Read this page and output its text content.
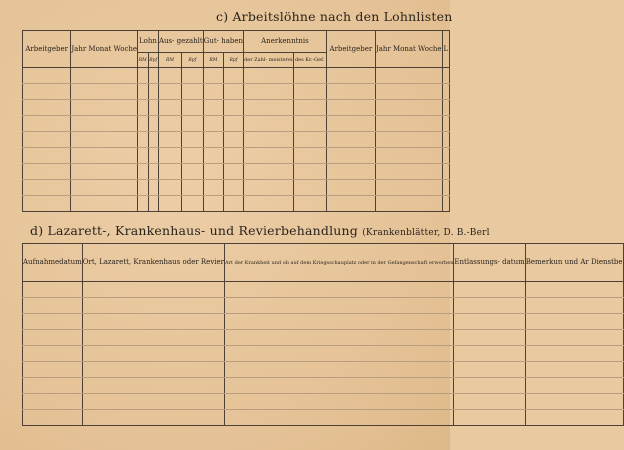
c) Arbeitslöhne nach den Lohnlisten
Arbeitgeber	Jahr Monat Woche	Lohn		Aus- gezahlt		Gut- haben		Anerkenntnis		Arbeitgeber	Jahr Monat Woche	L
		RM	Rpf	RM	Rpf	RM	Rpf	der Zahl- meisterei	des Kr.-Gef.			

d) Lazarett-, Krankenhaus- und Revierbehandlung (Krankenblätter, D. B.-Berl
Aufnahmedatum	Ort, Lazarett, Krankenhaus oder Revier	Art der Krankheit und ob auf dem Kriegsschauplatz oder in der Gefangenschaft erworben	Entlassungs- datum	Bemerkun und Ar Dienstbe
